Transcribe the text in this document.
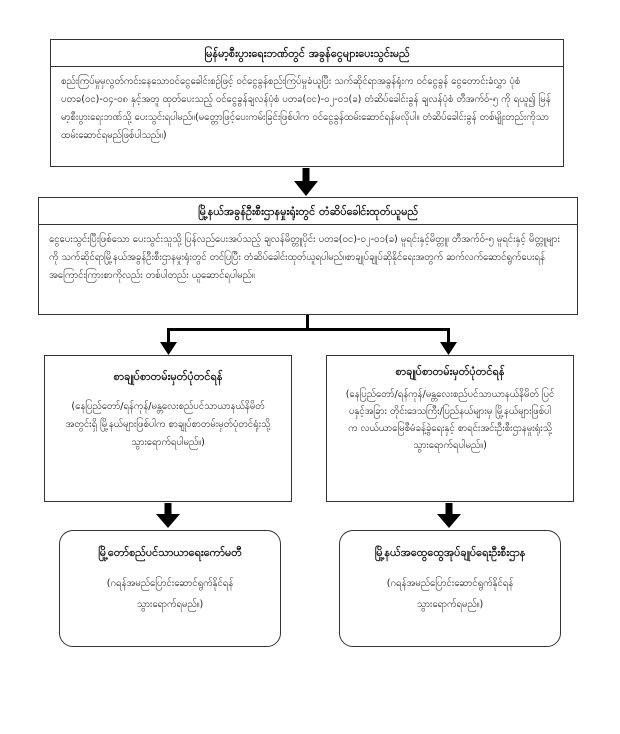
မြန်မာ့စီးပွားရေးဘဏ်တွင် အခွန်ငွေများပေးသွင်းမည်
စည်းကြပ်မှုမှလွတ်ကင်းနေသောဝင်ငွေခေါင်းစဉ်ဖြင့် ဝင်ငွေခွန်စည်းကြပ်မှုခံယူပြီး သက်ဆိုင်ရာအခွန်ရုံးက ဝင်ငွေခွန် ငွေတောင်းခံလွှာ ပုံစံ ပတခ(ဝင)-၀၄-၀၈ နှင့်အတူ ထုတ်ပေးသည့် ဝင်ငွေခွန်ချလန်ပုံစံ ပတခ(ဝင)-၀၂-၀၁(ခ) တံဆိပ်ခေါင်းခွန် ချလန်ပုံစံ တီအက်ဝ်-၅ ကို ရယူ၍ မြန်မာ့စီးပွားရေးဘဏ်သို့ ပေးသွင်းရပါမည်။(မတ္တောဖြင့်ပေးကမ်းခြင်းဖြစ်ပါက ဝင်ငွေခွန်ထမ်းဆောင်ရန်မလိုပါ။ တံဆိပ်ခေါင်းခွန် တစ်မျိုးတည်းကိုသာ ထမ်းဆောင်ရမည်ဖြစ်ပါသည်။)
မြို့နယ်အခွန်ဦးစီးဌာနမှုးရုံးတွင် တံဆိပ်ခေါင်းထုတ်ယူမည်
ငွေပေးသွင်းပြီးဖြစ်သော ပေးသွင်းသူသို့ ပြန်လည်ပေးအပ်သည့် ချလန်မိတ္တူပိုင်း ပတခ(ဝင)-၀၂-၀၁(ခ) မူရင်းနှင့်မိတ္တူ၊ တီအက်ဝ်-၅ မူရင်းနှင့် မိတ္တူများကို သက်ဆိုင်ရာမြို့နယ်အခွန်ဦးစီးဌာနမှုးရုံးတွင် တင်ပြပြီး တံဆိပ်ခေါင်းထုတ်ယူရပါမည်။စာချုပ်ချုပ်ဆိုနိုင်ရေးအတွက် ဆက်လက်ဆောင်ရွက်ပေးရန် အကြောင်းကြားစာကိုလည်း တစ်ပါတည်း ယူဆောင်ရပါမည်။
စာချုပ်စာတမ်းမှတ်ပုံတင်ရန်
(နေပြည်တော်/ရန်ကုန်/မန္တလေးစည်ပင်သာယာနယ်နိမိတ် အတွင်းရှိ မြို့နယ်များဖြစ်ပါက စာချုပ်စာတမ်းမှတ်ပုံတင်ရုံးသို့ သွားရောက်ရပါမည်။)
စာချုပ်စာတမ်းမှတ်ပုံတင်ရန်
(နေပြည်တော်/ရန်ကုန်/မန္တလေးစည်ပင်သာယာနယ်နိမိတ် ပြင်ပနှင့်အခြား တိုင်းဒေသကြီး/ပြည်နယ်များမှ မြို့နယ်များဖြစ်ပါက လယ်ယာမြေစီမံခန့်ခွဲရေးနှင့် စာရင်းအင်းဦးစီးဌာနမှုးရုံးသို့ သွားရောက်ရပါမည်။)
မြို့တော်စည်ပင်သာယာရေးကော်မတီ
(ဂရန်အမည်ပြောင်းဆောင်ရွက်နိုင်ရန် သွားရောက်ရမည်။)
မြို့နယ်အထွေထွေအုပ်ချုပ်ရေးဦးစီးဌာန
(ဂရန်အမည်ပြောင်းဆောင်ရွက်နိုင်ရန် သွားရောက်ရမည်။)
